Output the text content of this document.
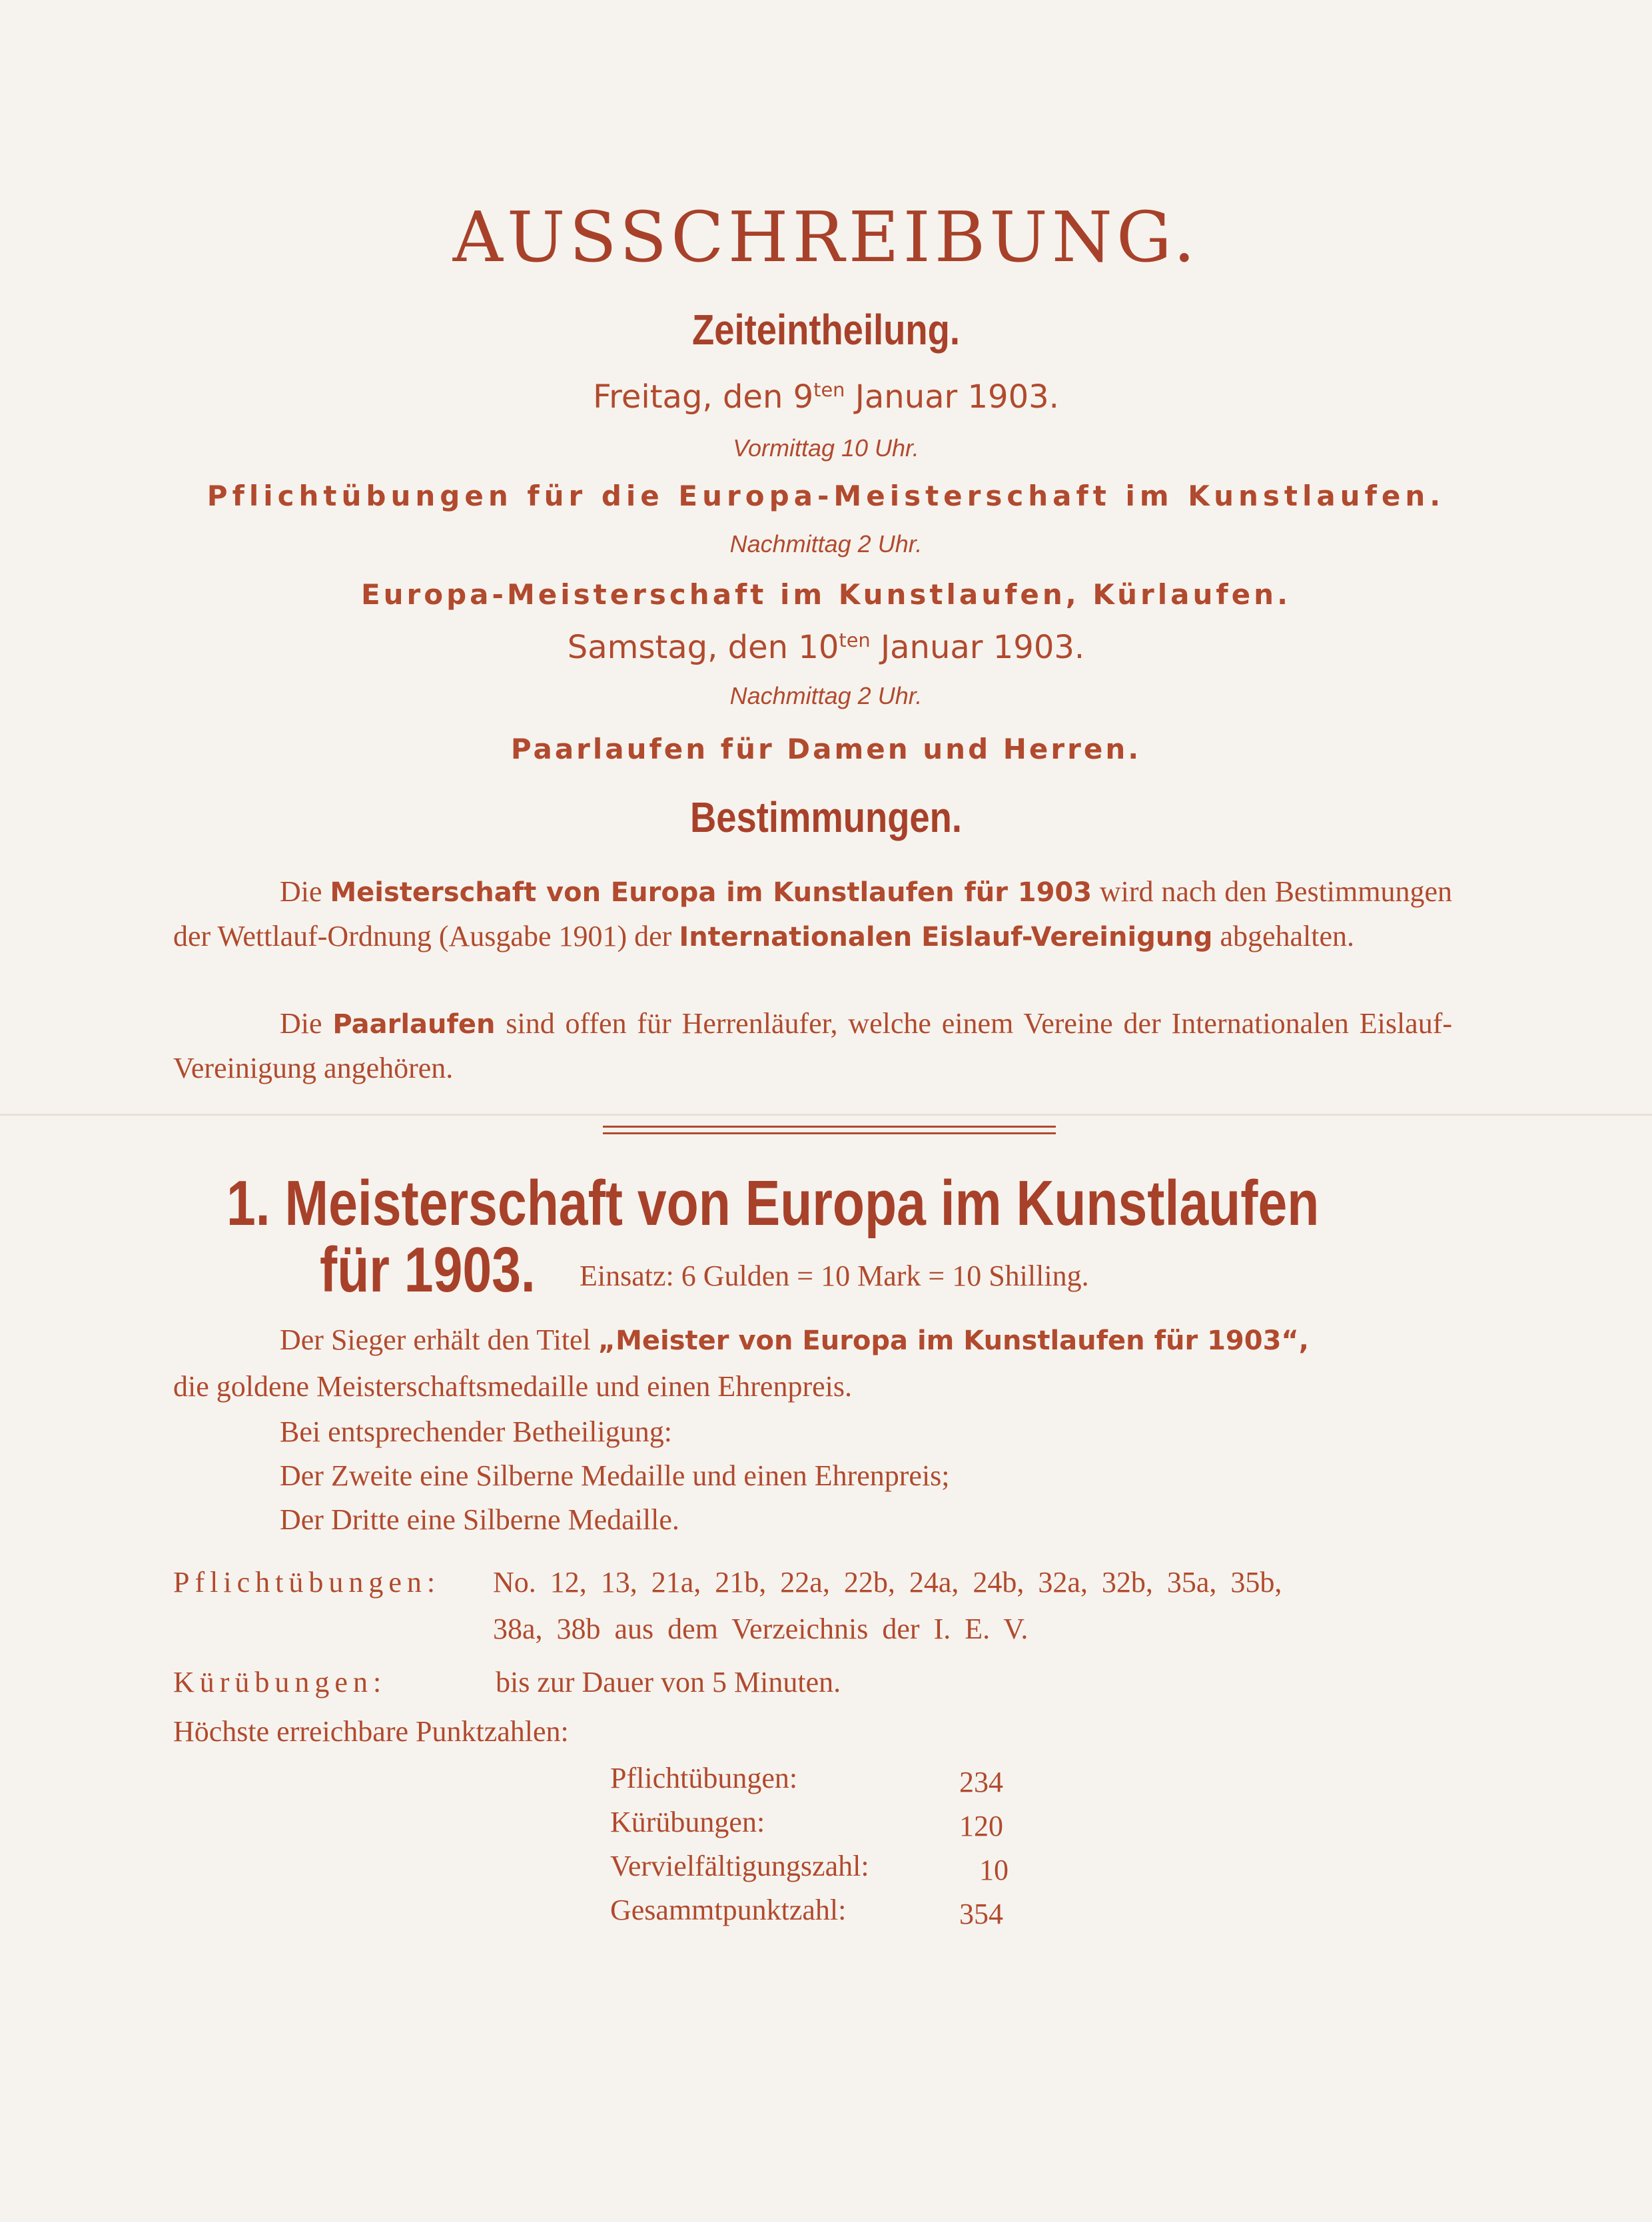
AUSSCHREIBUNG.
Zeiteintheilung.
Freitag, den $9^{ten}$ Januar 1903.
Vormittag 10 Uhr.
Pflichtübungen für die Europa-Meisterschaft im Kunstlaufen.
Nachmittag 2 Uhr.
Europa-Meisterschaft im Kunstlaufen, Kürlaufen.
Samstag, den $10^{ten}$ Januar 1903.
Nachmittag 2 Uhr.
Paarlaufen für Damen und Herren.
Bestimmungen.
Die Meisterschaft von Europa im Kunstlaufen für 1903 wird nach den Bestimmungen der Wettlauf-Ordnung (Ausgabe 1901) der Internationalen Eislauf-Vereinigung abgehalten.
Die Paarlaufen sind offen für Herrenläufer, welche einem Vereine der Internationalen Eislauf-Vereinigung angehören.
1. Meisterschaft von Europa im Kunstlaufen
für 1903. Einsatz: 6 Gulden = 10 Mark = 10 Shilling.
Der Sieger erhält den Titel „Meister von Europa im Kunstlaufen für 1903“,
die goldene Meisterschaftsmedaille und einen Ehrenpreis.
Bei entsprechender Betheiligung:
Der Zweite eine Silberne Medaille und einen Ehrenpreis;
Der Dritte eine Silberne Medaille.
Pflichtübungen: No. 12, 13, 21a, 21b, 22a, 22b, 24a, 24b, 32a, 32b, 35a, 35b,
38a, 38b aus dem Verzeichnis der I. E. V.
Kürübungen:	bis zur Dauer von 5 Minuten.
Höchste erreichbare Punktzahlen:
Pflichtübungen:	234
Kürübungen:	120
Vervielfältigungszahl:	10
Gesammtpunktzahl:	354
